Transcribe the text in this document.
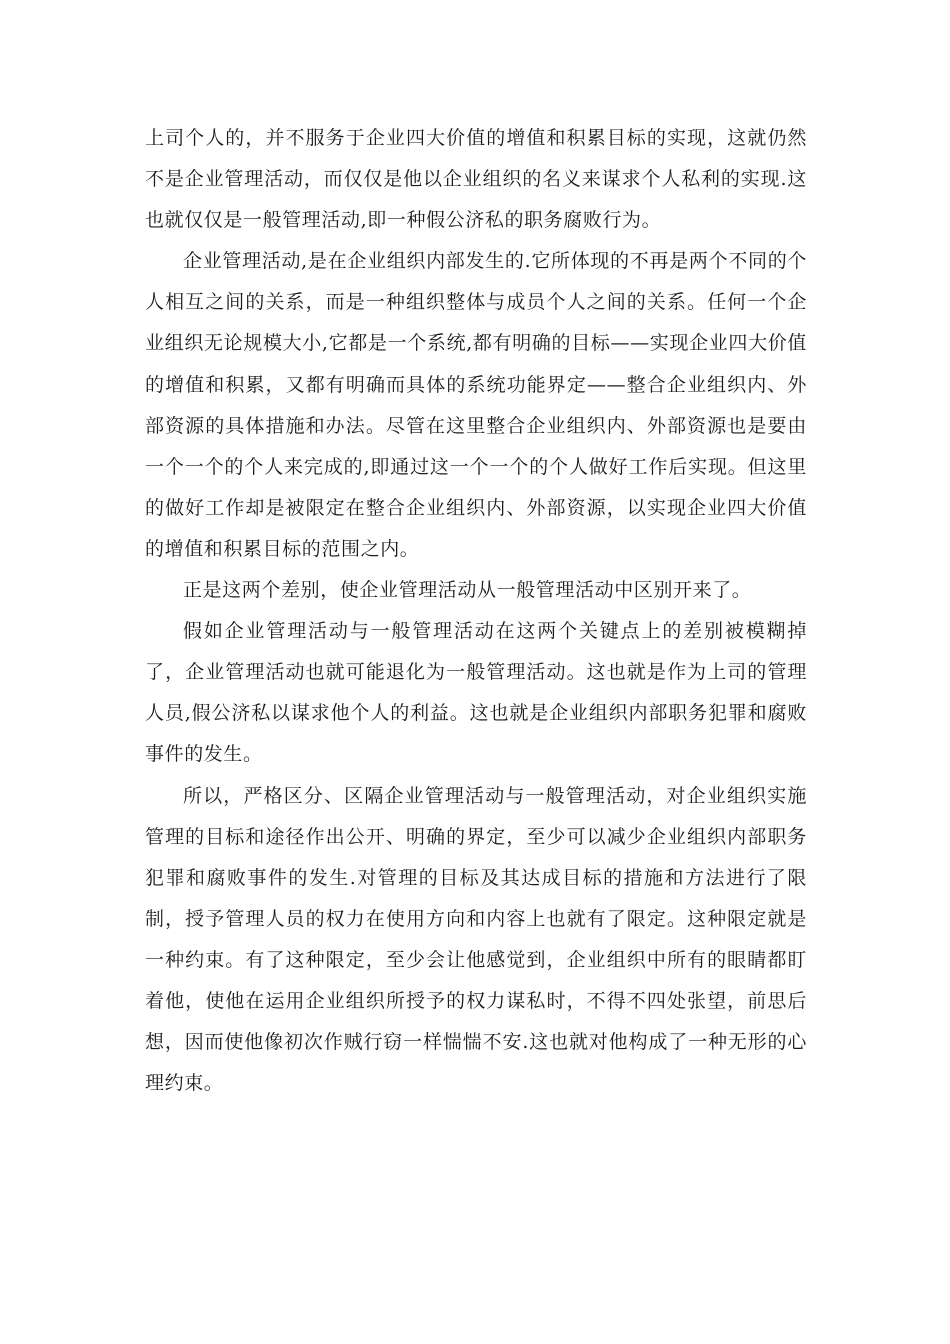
上司个人的，并不服务于企业四大价值的增值和积累目标的实现，这就仍然不是企业管理活动，而仅仅是他以企业组织的名义来谋求个人私利的实现.这也就仅仅是一般管理活动,即一种假公济私的职务腐败行为。

企业管理活动,是在企业组织内部发生的.它所体现的不再是两个不同的个人相互之间的关系，而是一种组织整体与成员个人之间的关系。任何一个企业组织无论规模大小,它都是一个系统,都有明确的目标——实现企业四大价值的增值和积累，又都有明确而具体的系统功能界定——整合企业组织内、外部资源的具体措施和办法。尽管在这里整合企业组织内、外部资源也是要由一个一个的个人来完成的,即通过这一个一个的个人做好工作后实现。但这里的做好工作却是被限定在整合企业组织内、外部资源，以实现企业四大价值的增值和积累目标的范围之内。

正是这两个差别，使企业管理活动从一般管理活动中区别开来了。

假如企业管理活动与一般管理活动在这两个关键点上的差别被模糊掉了，企业管理活动也就可能退化为一般管理活动。这也就是作为上司的管理人员,假公济私以谋求他个人的利益。这也就是企业组织内部职务犯罪和腐败事件的发生。

所以，严格区分、区隔企业管理活动与一般管理活动，对企业组织实施管理的目标和途径作出公开、明确的界定，至少可以减少企业组织内部职务犯罪和腐败事件的发生.对管理的目标及其达成目标的措施和方法进行了限制，授予管理人员的权力在使用方向和内容上也就有了限定。这种限定就是一种约束。有了这种限定，至少会让他感觉到，企业组织中所有的眼睛都盯着他，使他在运用企业组织所授予的权力谋私时，不得不四处张望，前思后想，因而使他像初次作贼行窃一样惴惴不安.这也就对他构成了一种无形的心理约束。
